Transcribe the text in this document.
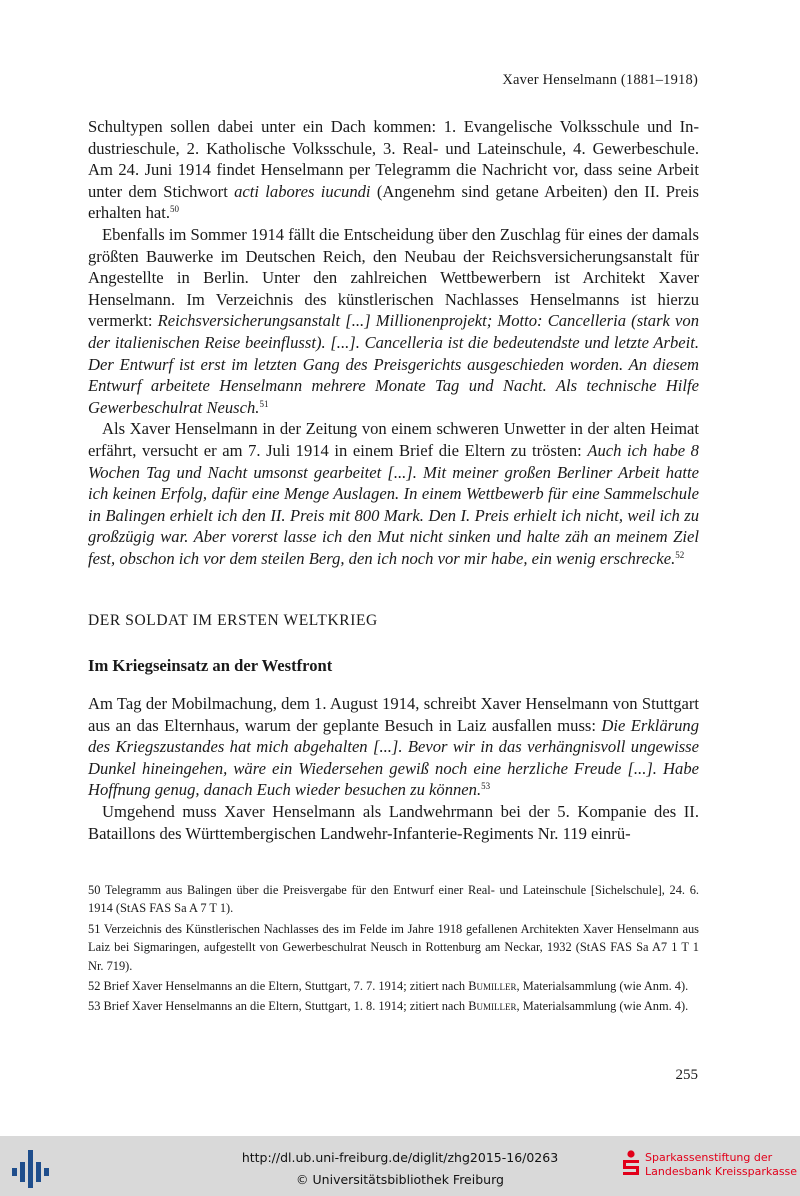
Xaver Henselmann (1881–1918)

Schultypen sollen dabei unter ein Dach kommen: 1. Evangelische Volksschule und Industrieschule, 2. Katholische Volksschule, 3. Real- und Lateinschule, 4. Gewerbeschule. Am 24. Juni 1914 findet Henselmann per Telegramm die Nachricht vor, dass seine Arbeit unter dem Stichwort acti labores iucundi (Angenehm sind getane Arbeiten) den II. Preis erhalten hat.$^{50}$

Ebenfalls im Sommer 1914 fällt die Entscheidung über den Zuschlag für eines der damals größten Bauwerke im Deutschen Reich, den Neubau der Reichsversicherungsanstalt für Angestellte in Berlin. Unter den zahlreichen Wettbewerbern ist Architekt Xaver Henselmann. Im Verzeichnis des künstlerischen Nachlasses Henselmanns ist hierzu vermerkt: Reichsversicherungsanstalt [...] Millionenprojekt; Motto: Cancelleria (stark von der italienischen Reise beeinflusst). [...]. Cancelleria ist die bedeutendste und letzte Arbeit. Der Entwurf ist erst im letzten Gang des Preisgerichts ausgeschieden worden. An diesem Entwurf arbeitete Henselmann mehrere Monate Tag und Nacht. Als technische Hilfe Gewerbeschulrat Neusch.$^{51}$

Als Xaver Henselmann in der Zeitung von einem schweren Unwetter in der alten Heimat erfährt, versucht er am 7. Juli 1914 in einem Brief die Eltern zu trösten: Auch ich habe 8 Wochen Tag und Nacht umsonst gearbeitet [...]. Mit meiner großen Berliner Arbeit hatte ich keinen Erfolg, dafür eine Menge Auslagen. In einem Wettbewerb für eine Sammelschule in Balingen erhielt ich den II. Preis mit 800 Mark. Den I. Preis erhielt ich nicht, weil ich zu großzügig war. Aber vorerst lasse ich den Mut nicht sinken und halte zäh an meinem Ziel fest, obschon ich vor dem steilen Berg, den ich noch vor mir habe, ein wenig erschrecke.$^{52}$

DER SOLDAT IM ERSTEN WELTKRIEG
Im Kriegseinsatz an der Westfront

Am Tag der Mobilmachung, dem 1. August 1914, schreibt Xaver Henselmann von Stuttgart aus an das Elternhaus, warum der geplante Besuch in Laiz ausfallen muss: Die Erklärung des Kriegszustandes hat mich abgehalten [...]. Bevor wir in das verhängnisvoll ungewisse Dunkel hineingehen, wäre ein Wiedersehen gewiß noch eine herzliche Freude [...]. Habe Hoffnung genug, danach Euch wieder besuchen zu können.$^{53}$

Umgehend muss Xaver Henselmann als Landwehrmann bei der 5. Kompanie des II. Bataillons des Württembergischen Landwehr-Infanterie-Regiments Nr. 119 einrü-

50 Telegramm aus Balingen über die Preisvergabe für den Entwurf einer Real- und Lateinschule [Sichelschule], 24. 6. 1914 (StAS FAS Sa A 7 T 1).

51 Verzeichnis des Künstlerischen Nachlasses des im Felde im Jahre 1918 gefallenen Architekten Xaver Henselmann aus Laiz bei Sigmaringen, aufgestellt von Gewerbeschulrat Neusch in Rottenburg am Neckar, 1932 (StAS FAS Sa A7 1 T 1 Nr. 719).

52 Brief Xaver Henselmanns an die Eltern, Stuttgart, 7. 7. 1914; zitiert nach Bumiller, Materialsammlung (wie Anm. 4).

53 Brief Xaver Henselmanns an die Eltern, Stuttgart, 1. 8. 1914; zitiert nach Bumiller, Materialsammlung (wie Anm. 4).

255
http://dl.ub.uni-freiburg.de/diglit/zhg2015-16/0263
© Universitätsbibliothek Freiburg
Sparkassenstiftung der
Landesbank Kreissparkasse
